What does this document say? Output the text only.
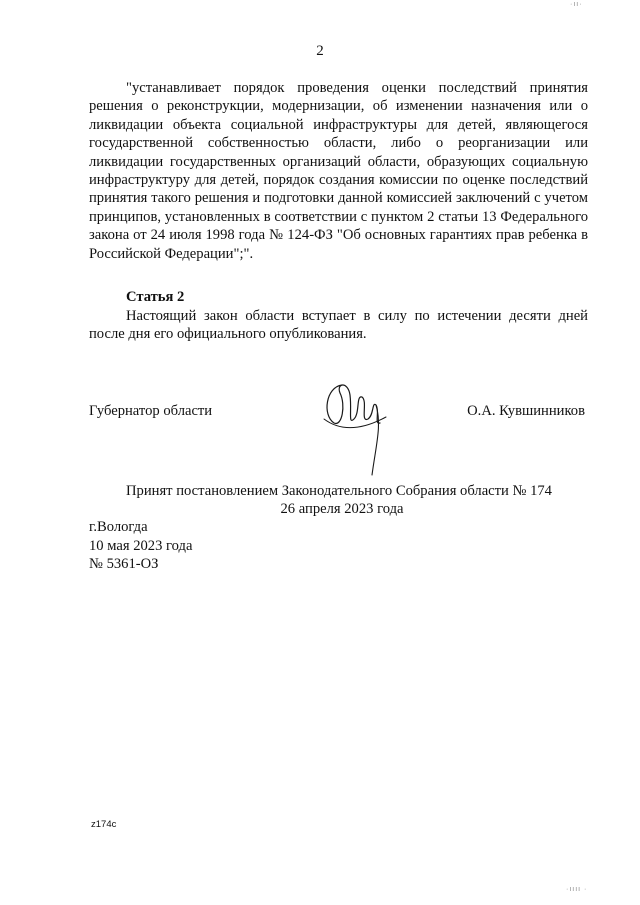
2

"устанавливает порядок проведения оценки последствий принятия решения о реконструкции, модернизации, об изменении назначения или о ликвидации объекта социальной инфраструктуры для детей, являющегося государственной собственностью области, либо о реорганизации или ликвидации государственных организаций области, образующих социальную инфраструктуру для детей, порядок создания комиссии по оценке последствий принятия такого решения и подготовки данной комиссией заключений с учетом принципов, установленных в соответствии с пунктом 2 статьи 13 Федерального закона от 24 июля 1998 года № 124-ФЗ "Об основных гарантиях прав ребенка в Российской Федерации";".

Статья 2

Настоящий закон области вступает в силу по истечении десяти дней после дня его официального опубликования.

Губернатор области	О.А. Кувшинников
Принят постановлением Законодательного Собрания области № 174
26 апреля 2023 года
г.Вологда
10 мая 2023 года
№ 5361-ОЗ
z174c
·ıııı ·
·ıı·
